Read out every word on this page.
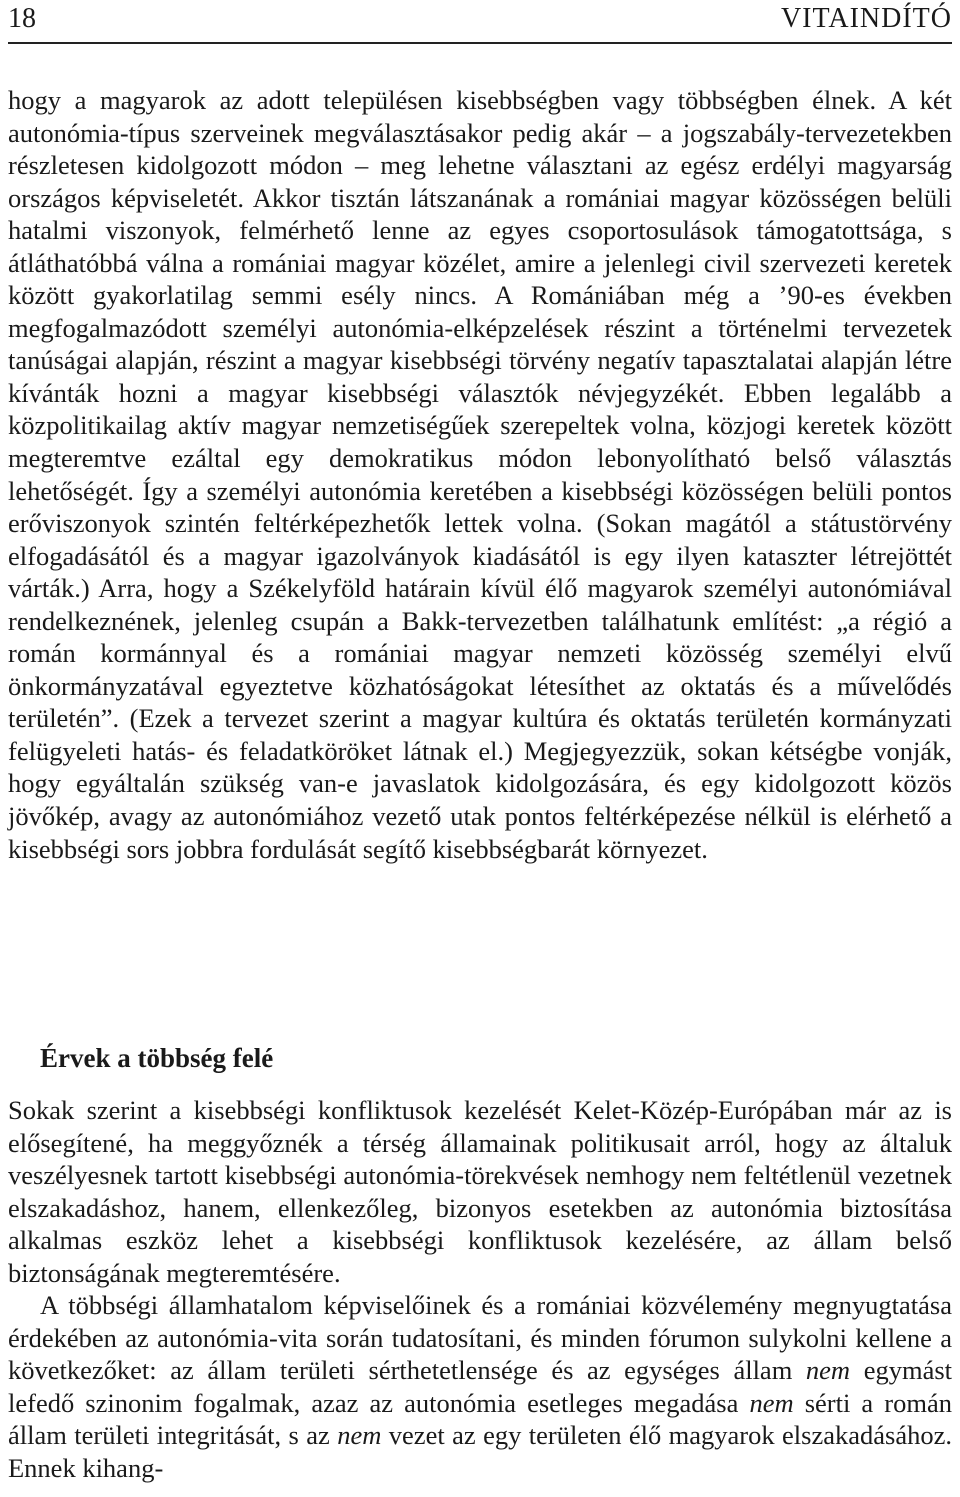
18	VITAINDÍTÓ

hogy a magyarok az adott településen kisebbségben vagy többségben élnek. A két autonómia-típus szerveinek megválasztásakor pedig akár – a jogszabály-tervezetekben részletesen kidolgozott módon – meg lehetne választani az egész erdélyi magyarság országos képviseletét. Akkor tisztán látszanának a romániai magyar közösségen belüli hatalmi viszonyok, felmérhető lenne az egyes csoportosulások támogatottsága, s átláthatóbbá válna a romániai magyar közélet, amire a jelenlegi civil szervezeti keretek között gyakorlatilag semmi esély nincs. A Romániában még a ’90-es években megfogalmazódott személyi autonómia-elképzelések részint a történelmi tervezetek tanúságai alapján, részint a magyar kisebbségi törvény negatív tapasztalatai alapján létre kívánták hozni a magyar kisebbségi választók névjegyzékét. Ebben legalább a közpolitikailag aktív magyar nemzetiségűek szerepeltek volna, közjogi keretek között megteremtve ezáltal egy demokratikus módon lebonyolítható belső választás lehetőségét. Így a személyi autonómia keretében a kisebbségi közösségen belüli pontos erőviszonyok szintén feltérképezhetők lettek volna. (Sokan magától a státustörvény elfogadásától és a magyar igazolványok kiadásától is egy ilyen kataszter létrejöttét várták.) Arra, hogy a Székelyföld határain kívül élő magyarok személyi autonómiával rendelkeznének, jelenleg csupán a Bakk-tervezetben találhatunk említést: „a régió a román kormánnyal és a romániai magyar nemzeti közösség személyi elvű önkormányzatával egyeztetve közhatóságokat létesíthet az oktatás és a művelődés területén”. (Ezek a tervezet szerint a magyar kultúra és oktatás területén kormányzati felügyeleti hatás- és feladatköröket látnak el.) Megjegyezzük, sokan kétségbe vonják, hogy egyáltalán szükség van-e javaslatok kidolgozására, és egy kidolgozott közös jövőkép, avagy az autonómiához vezető utak pontos feltérképezése nélkül is elérhető a kisebbségi sors jobbra fordulását segítő kisebbségbarát környezet.

Érvek a többség felé

Sokak szerint a kisebbségi konfliktusok kezelését Kelet-Közép-Európában már az is elősegítené, ha meggyőznék a térség államainak politikusait arról, hogy az általuk veszélyesnek tartott kisebbségi autonómia-törekvések nemhogy nem feltétlenül vezetnek elszakadáshoz, hanem, ellenkezőleg, bizonyos esetekben az autonómia biztosítása alkalmas eszköz lehet a kisebbségi konfliktusok kezelésére, az állam belső biztonságának megteremtésére.

A többségi államhatalom képviselőinek és a romániai közvélemény megnyugtatása érdekében az autonómia-vita során tudatosítani, és minden fórumon sulykolni kellene a következőket: az állam területi sérthetetlensége és az egységes állam nem egymást lefedő szinonim fogalmak, azaz az autonómia esetleges megadása nem sérti a román állam területi integritását, s az nem vezet az egy területen élő magyarok elszakadásához. Ennek kihang-
